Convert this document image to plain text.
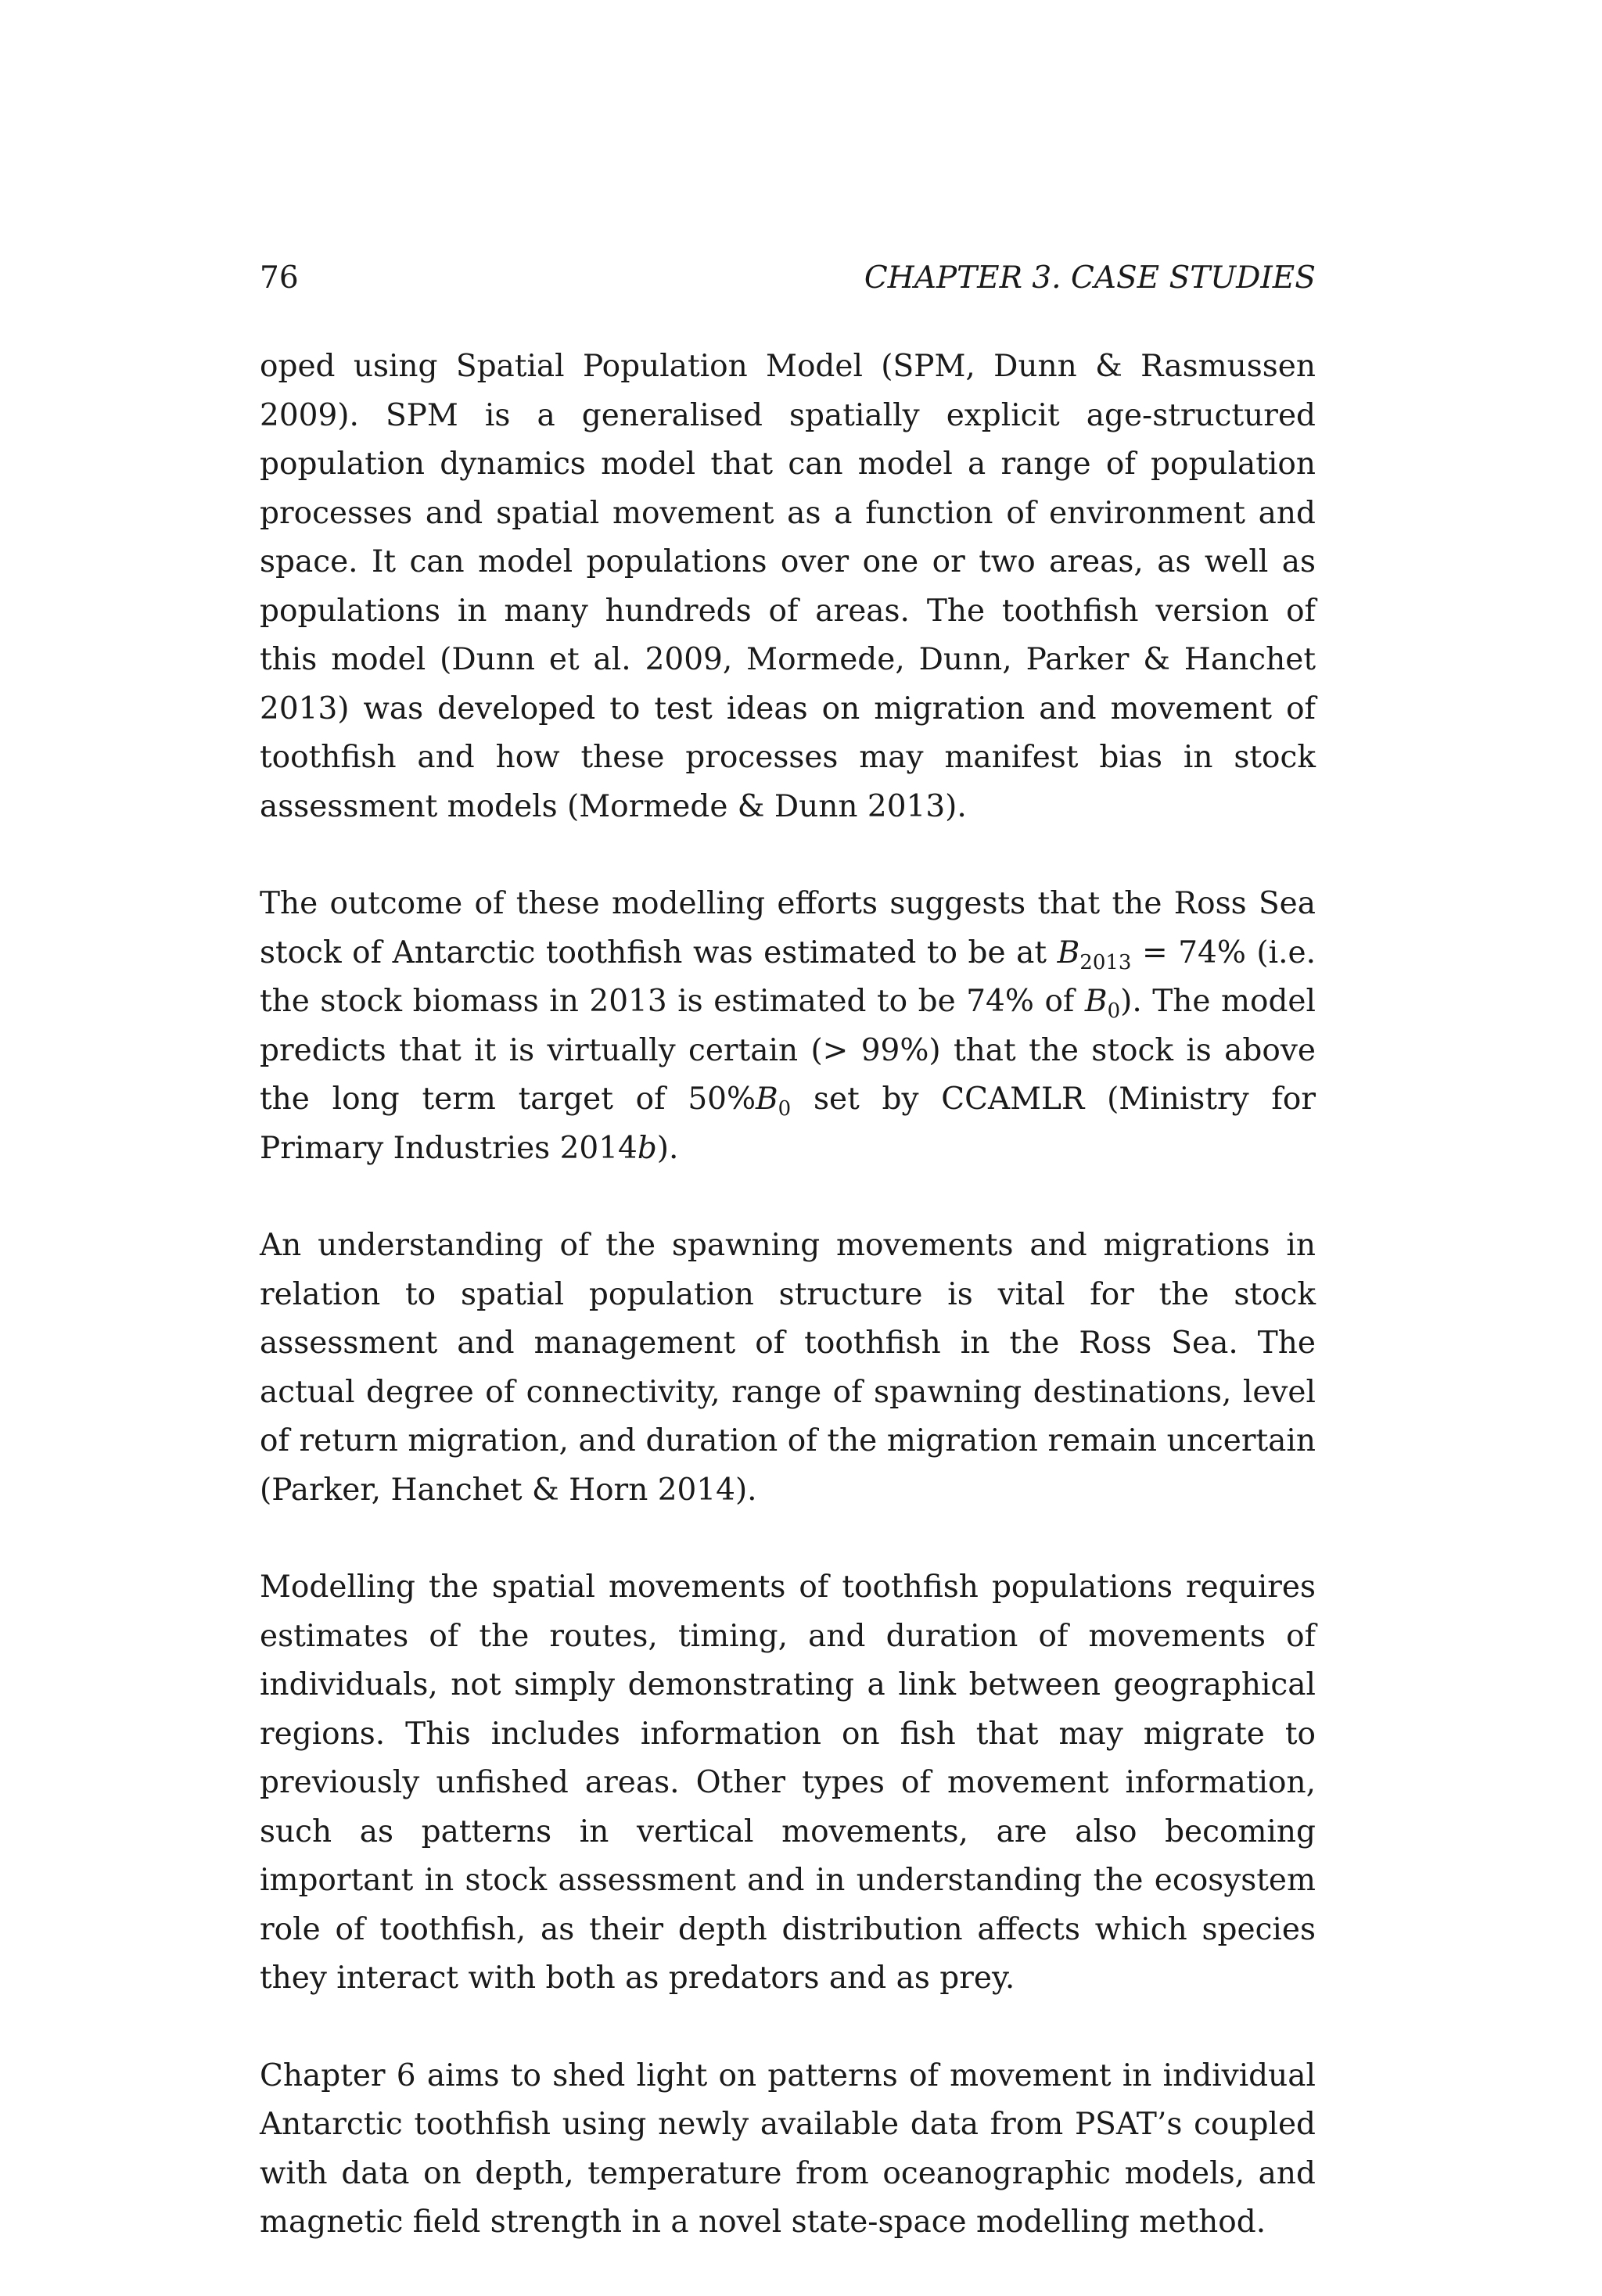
76	CHAPTER 3. CASE STUDIES

oped using Spatial Population Model (SPM, Dunn & Rasmussen 2009). SPM is a generalised spatially explicit age-structured population dynamics model that can model a range of population processes and spatial movement as a function of environment and space. It can model populations over one or two areas, as well as populations in many hundreds of areas. The toothfish version of this model (Dunn et al. 2009, Mormede, Dunn, Parker & Hanchet 2013) was developed to test ideas on migration and movement of toothfish and how these processes may manifest bias in stock assessment models (Mormede & Dunn 2013).

The outcome of these modelling efforts suggests that the Ross Sea stock of Antarctic toothfish was estimated to be at $B_{2013} = 74\%$ (i.e. the stock biomass in 2013 is estimated to be 74% of $B_0$). The model predicts that it is virtually certain (> 99%) that the stock is above the long term target of $50\%B_0$ set by CCAMLR (Ministry for Primary Industries 2014b).

An understanding of the spawning movements and migrations in relation to spatial population structure is vital for the stock assessment and management of toothfish in the Ross Sea. The actual degree of connectivity, range of spawning destinations, level of return migration, and duration of the migration remain uncertain (Parker, Hanchet & Horn 2014).

Modelling the spatial movements of toothfish populations requires estimates of the routes, timing, and duration of movements of individuals, not simply demonstrating a link between geographical regions. This includes information on fish that may migrate to previously unfished areas. Other types of movement information, such as patterns in vertical movements, are also becoming important in stock assessment and in understanding the ecosystem role of toothfish, as their depth distribution affects which species they interact with both as predators and as prey.

Chapter 6 aims to shed light on patterns of movement in individual Antarctic toothfish using newly available data from PSAT’s coupled with data on depth, temperature from oceanographic models, and magnetic field strength in a novel state-space modelling method.
